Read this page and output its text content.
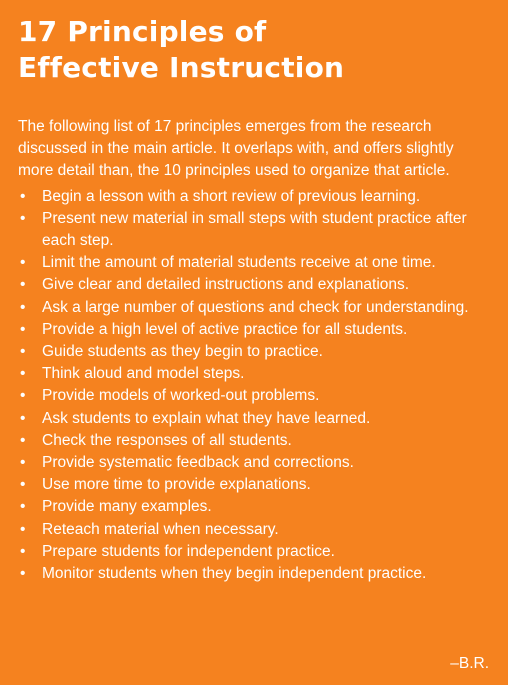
17 Principles of
Effective Instruction

The following list of 17 principles emerges from the research discussed in the main article. It overlaps with, and offers slightly more detail than, the 10 principles used to organize that article.

• Begin a lesson with a short review of previous learning.
• Present new material in small steps with student practice after each step.
• Limit the amount of material students receive at one time.
• Give clear and detailed instructions and explanations.
• Ask a large number of questions and check for understanding.
• Provide a high level of active practice for all students.
• Guide students as they begin to practice.
• Think aloud and model steps.
• Provide models of worked-out problems.
• Ask students to explain what they have learned.
• Check the responses of all students.
• Provide systematic feedback and corrections.
• Use more time to provide explanations.
• Provide many examples.
• Reteach material when necessary.
• Prepare students for independent practice.
• Monitor students when they begin independent practice.
–B.R.
